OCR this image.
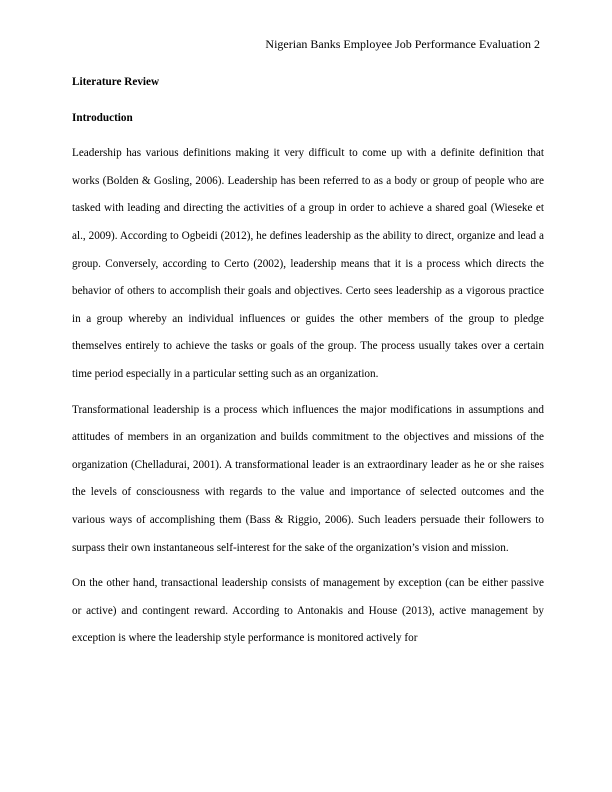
Nigerian Banks Employee Job Performance Evaluation 2

Literature Review

Introduction

Leadership has various definitions making it very difficult to come up with a definite definition that works (Bolden & Gosling, 2006). Leadership has been referred to as a body or group of people who are tasked with leading and directing the activities of a group in order to achieve a shared goal (Wieseke et al., 2009). According to Ogbeidi (2012), he defines leadership as the ability to direct, organize and lead a group. Conversely, according to Certo (2002), leadership means that it is a process which directs the behavior of others to accomplish their goals and objectives. Certo sees leadership as a vigorous practice in a group whereby an individual influences or guides the other members of the group to pledge themselves entirely to achieve the tasks or goals of the group. The process usually takes over a certain time period especially in a particular setting such as an organization.

Transformational leadership is a process which influences the major modifications in assumptions and attitudes of members in an organization and builds commitment to the objectives and missions of the organization (Chelladurai, 2001). A transformational leader is an extraordinary leader as he or she raises the levels of consciousness with regards to the value and importance of selected outcomes and the various ways of accomplishing them (Bass & Riggio, 2006). Such leaders persuade their followers to surpass their own instantaneous self-interest for the sake of the organization’s vision and mission.

On the other hand, transactional leadership consists of management by exception (can be either passive or active) and contingent reward. According to Antonakis and House (2013), active management by exception is where the leadership style performance is monitored actively for
